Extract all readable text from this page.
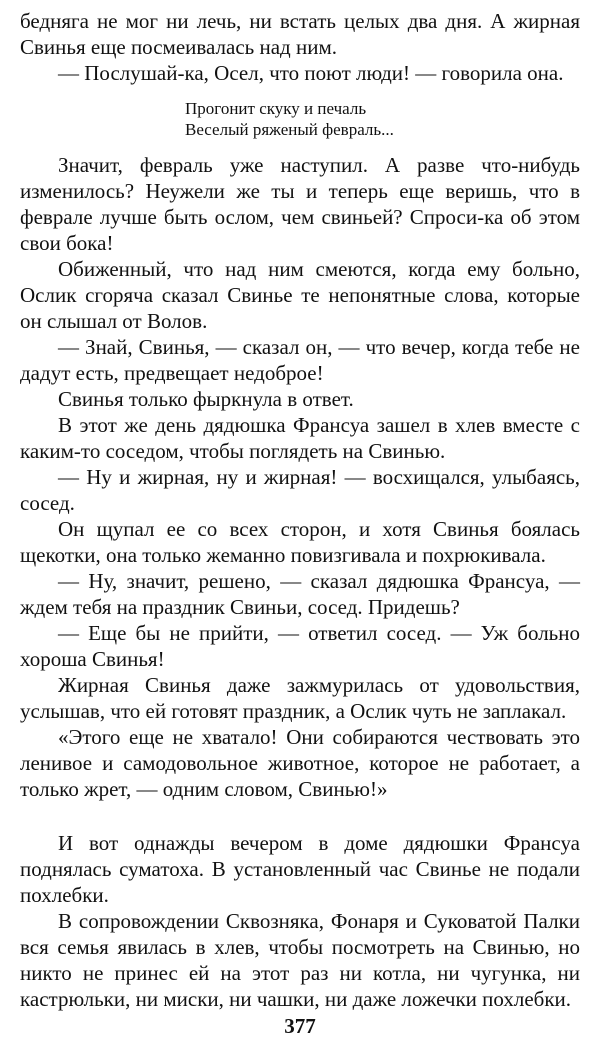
бедняга не мог ни лечь, ни встать целых два дня. А жирная Свинья еще посмеивалась над ним.

— Послушай-ка, Осел, что поют люди! — говорила она.

Прогонит скуку и печаль
Веселый ряженый февраль...

Значит, февраль уже наступил. А разве что-нибудь изменилось? Неужели же ты и теперь еще веришь, что в феврале лучше быть ослом, чем свиньей? Спроси-ка об этом свои бока!

Обиженный, что над ним смеются, когда ему больно, Ослик сгоряча сказал Свинье те непонятные слова, которые он слышал от Волов.

— Знай, Свинья, — сказал он, — что вечер, когда тебе не дадут есть, предвещает недоброе!

Свинья только фыркнула в ответ.

В этот же день дядюшка Франсуа зашел в хлев вместе с каким-то соседом, чтобы поглядеть на Свинью.

— Ну и жирная, ну и жирная! — восхищался, улыбаясь, сосед.

Он щупал ее со всех сторон, и хотя Свинья боялась щекотки, она только жеманно повизгивала и похрюкивала.

— Ну, значит, решено, — сказал дядюшка Франсуа, — ждем тебя на праздник Свиньи, сосед. Придешь?

— Еще бы не прийти, — ответил сосед. — Уж больно хороша Свинья!

Жирная Свинья даже зажмурилась от удовольствия, услышав, что ей готовят праздник, а Ослик чуть не заплакал.

«Этого еще не хватало! Они собираются чествовать это ленивое и самодовольное животное, которое не работает, а только жрет, — одним словом, Свинью!»

И вот однажды вечером в доме дядюшки Франсуа поднялась суматоха. В установленный час Свинье не подали похлебки.

В сопровождении Сквозняка, Фонаря и Суковатой Палки вся семья явилась в хлев, чтобы посмотреть на Свинью, но никто не принес ей на этот раз ни котла, ни чугунка, ни кастрюльки, ни миски, ни чашки, ни даже ложечки похлебки.

377
